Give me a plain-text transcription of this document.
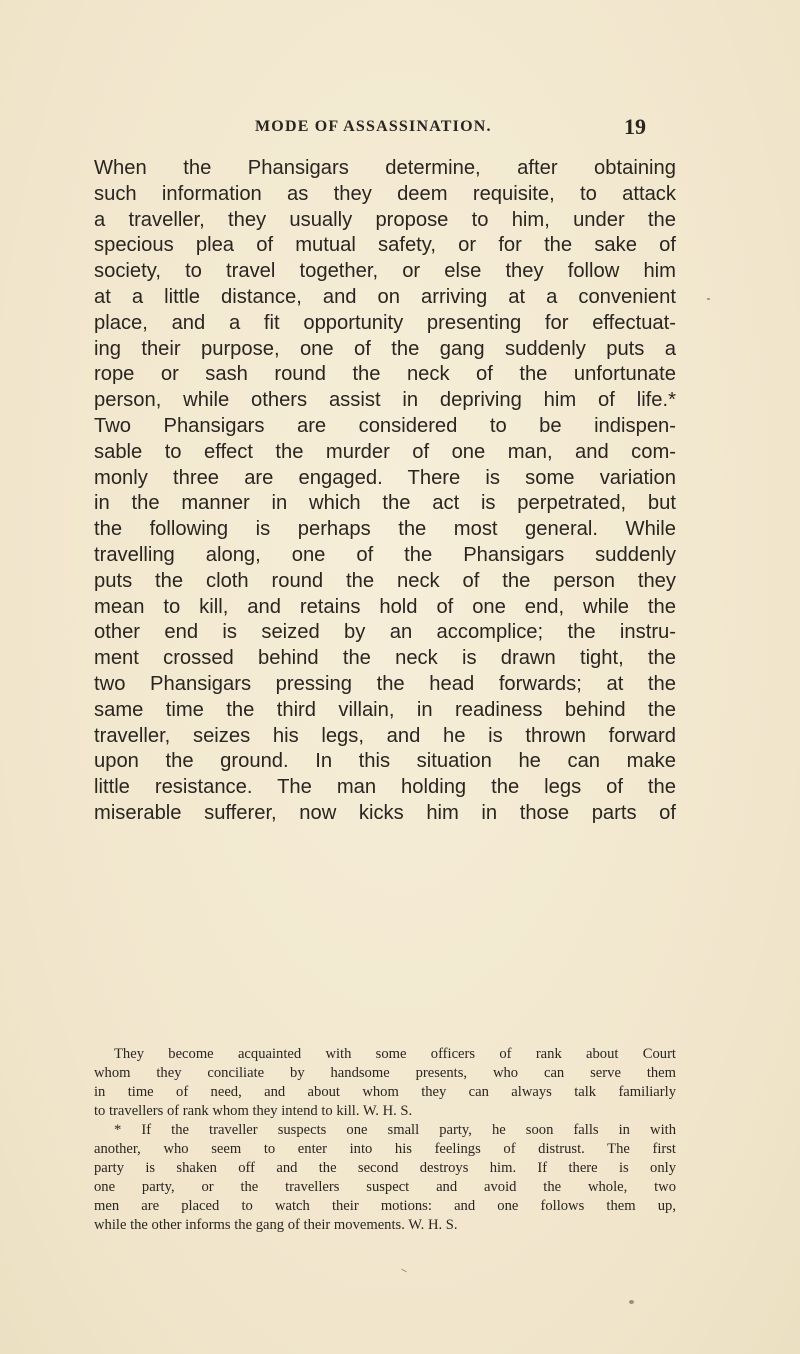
MODE OF ASSASSINATION.	19
When the Phansigars determine, after obtaining
such information as they deem requisite, to attack
a traveller, they usually propose to him, under the
specious plea of mutual safety, or for the sake of
society, to travel together, or else they follow him
at a little distance, and on arriving at a convenient
place, and a fit opportunity presenting for effectuat-
ing their purpose, one of the gang suddenly puts a
rope or sash round the neck of the unfortunate
person, while others assist in depriving him of life.*
Two Phansigars are considered to be indispen-
sable to effect the murder of one man, and com-
monly three are engaged. There is some variation
in the manner in which the act is perpetrated, but
the following is perhaps the most general. While
travelling along, one of the Phansigars suddenly
puts the cloth round the neck of the person they
mean to kill, and retains hold of one end, while the
other end is seized by an accomplice; the instru-
ment crossed behind the neck is drawn tight, the
two Phansigars pressing the head forwards; at the
same time the third villain, in readiness behind the
traveller, seizes his legs, and he is thrown forward
upon the ground. In this situation he can make
little resistance. The man holding the legs of the
miserable sufferer, now kicks him in those parts of
They become acquainted with some officers of rank about Court
whom they conciliate by handsome presents, who can serve them
in time of need, and about whom they can always talk familiarly
to travellers of rank whom they intend to kill. W. H. S.
* If the traveller suspects one small party, he soon falls in with
another, who seem to enter into his feelings of distrust. The first
party is shaken off and the second destroys him. If there is only
one party, or the travellers suspect and avoid the whole, two
men are placed to watch their motions: and one follows them up,
while the other informs the gang of their movements. W. H. S.
